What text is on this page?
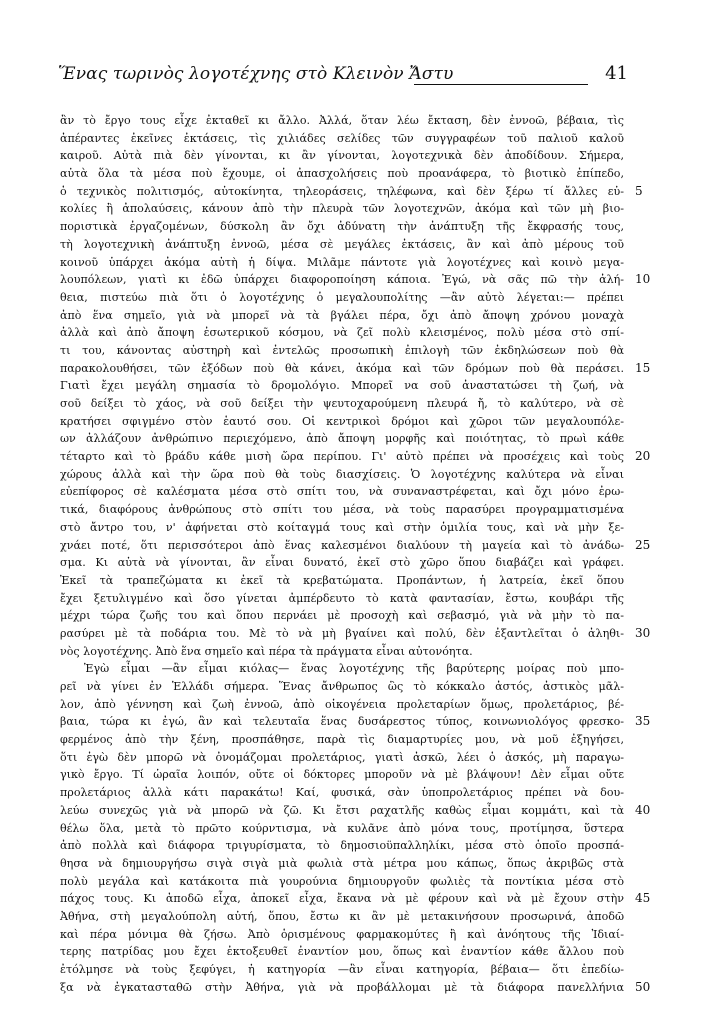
Ἕνας τωρινὸς λογοτέχνης στὸ Κλεινὸν Ἄστυ	41
ἂν τὸ ἔργο τους εἶχε ἐκταθεῖ κι ἄλλο. Ἀλλά, ὅταν λέω ἔκταση, δὲν ἐννοῶ, βέβαια, τὶς
ἀπέραντες ἐκεῖνες ἐκτάσεις, τὶς χιλιάδες σελίδες τῶν συγγραφέων τοῦ παλιοῦ καλοῦ
καιροῦ. Αὐτὰ πιὰ δὲν γίνονται, κι ἂν γίνονται, λογοτεχνικὰ δὲν ἀποδίδουν. Σήμερα,
αὐτὰ ὅλα τὰ μέσα ποὺ ἔχουμε, οἱ ἀπασχολήσεις ποὺ προανάφερα, τὸ βιοτικὸ ἐπίπεδο,
ὁ τεχνικὸς πολιτισμός, αὐτοκίνητα, τηλεοράσεις, τηλέφωνα, καὶ δὲν ξέρω τί ἄλλες εὐ- 5
κολίες ἢ ἀπολαύσεις, κάνουν ἀπὸ τὴν πλευρὰ τῶν λογοτεχνῶν, ἀκόμα καὶ τῶν μὴ βιο-
ποριστικὰ ἐργαζομένων, δύσκολη ἂν ὄχι ἀδύνατη τὴν ἀνάπτυξη τῆς ἔκφρασής τους,
τὴ λογοτεχνικὴ ἀνάπτυξη ἐννοῶ, μέσα σὲ μεγάλες ἐκτάσεις, ἂν καὶ ἀπὸ μέρους τοῦ
κοινοῦ ὑπάρχει ἀκόμα αὐτὴ ἡ δίψα. Μιλᾶμε πάντοτε γιὰ λογοτέχνες καὶ κοινὸ μεγα-
λουπόλεων, γιατὶ κι ἐδῶ ὑπάρχει διαφοροποίηση κάποια. Ἐγώ, νὰ σᾶς πῶ τὴν ἀλή- 10
θεια, πιστεύω πιὰ ὅτι ὁ λογοτέχνης ὁ μεγαλουπολίτης —ἂν αὐτὸ λέγεται:— πρέπει
ἀπὸ ἕνα σημεῖο, γιὰ νὰ μπορεῖ νὰ τὰ βγάλει πέρα, ὄχι ἀπὸ ἄποψη χρόνου μοναχὰ
ἀλλὰ καὶ ἀπὸ ἄποψη ἐσωτερικοῦ κόσμου, νὰ ζεῖ πολὺ κλεισμένος, πολὺ μέσα στὸ σπί-
τι του, κάνοντας αὐστηρὴ καὶ ἐντελῶς προσωπικὴ ἐπιλογὴ τῶν ἐκδηλώσεων ποὺ θὰ
παρακολουθήσει, τῶν ἐξόδων ποὺ θὰ κάνει, ἀκόμα καὶ τῶν δρόμων ποὺ θὰ περάσει. 15
Γιατὶ ἔχει μεγάλη σημασία τὸ δρομολόγιο. Μπορεῖ να σοῦ ἀναστατώσει τὴ ζωή, νὰ
σοῦ δείξει τὸ χάος, νὰ σοῦ δείξει τὴν ψευτοχαρούμενη πλευρά ἤ, τὸ καλύτερο, νὰ σὲ
κρατήσει σφιγμένο στὸν ἑαυτό σου. Οἱ κεντρικοὶ δρόμοι καὶ χῶροι τῶν μεγαλουπόλε-
ων ἀλλάζουν ἀνθρώπινο περιεχόμενο, ἀπὸ ἄποψη μορφῆς καὶ ποιότητας, τὸ πρωὶ κάθε
τέταρτο καὶ τὸ βράδυ κάθε μισὴ ὥρα περίπου. Γι' αὐτὸ πρέπει νὰ προσέχεις καὶ τοὺς 20
χώρους ἀλλὰ καὶ τὴν ὥρα ποὺ θὰ τοὺς διασχίσεις. Ὁ λογοτέχνης καλύτερα νὰ εἶναι
εὐεπίφορος σὲ καλέσματα μέσα στὸ σπίτι του, νὰ συναναστρέφεται, καὶ ὄχι μόνο ἐρω-
τικά, διαφόρους ἀνθρώπους στὸ σπίτι του μέσα, νὰ τοὺς παρασύρει προγραμματισμένα
στὸ ἄντρο του, ν' ἀφήνεται στὸ κοίταγμά τους καὶ στὴν ὁμιλία τους, καὶ νὰ μὴν ξε-
χνάει ποτέ, ὅτι περισσότεροι ἀπὸ ἕνας καλεσμένοι διαλύουν τὴ μαγεία καὶ τὸ ἀνάδω- 25
σμα. Κι αὐτὰ νὰ γίνονται, ἂν εἶναι δυνατό, ἐκεῖ στὸ χῶρο ὅπου διαβάζει καὶ γράφει.
Ἐκεῖ τὰ τραπεζώματα κι ἐκεῖ τὰ κρεβατώματα. Προπάντων, ἡ λατρεία, ἐκεῖ ὅπου
ἔχει ξετυλιγμένο καὶ ὅσο γίνεται ἀμπέρδευτο τὸ κατὰ φαντασίαν, ἔστω, κουβάρι τῆς
μέχρι τώρα ζωῆς του καὶ ὅπου περνάει μὲ προσοχὴ καὶ σεβασμό, γιὰ νὰ μὴν τὸ πα-
ρασύρει μὲ τὰ ποδάρια του. Μὲ τὸ νὰ μὴ βγαίνει καὶ πολύ, δὲν ἐξαντλεῖται ὁ ἀληθι- 30
νὸς λογοτέχνης. Ἀπὸ ἕνα σημεῖο καὶ πέρα τὰ πράγματα εἶναι αὐτονόητα.
Ἐγὼ εἶμαι —ἂν εἶμαι κιόλας— ἕνας λογοτέχνης τῆς βαρύτερης μοίρας ποὺ μπο-
ρεῖ νὰ γίνει ἐν Ἑλλάδι σήμερα. Ἕνας ἄνθρωπος ὣς τὸ κόκκαλο ἀστός, ἀστικὸς μᾶλ-
λον, ἀπὸ γέννηση καὶ ζωὴ ἐννοῶ, ἀπὸ οἰκογένεια προλεταρίων ὅμως, προλετάριος, βέ-
βαια, τώρα κι ἐγώ, ἂν καὶ τελευταῖα ἕνας δυσάρεστος τύπος, κοινωνιολόγος φρεσκο- 35
φερμένος ἀπὸ τὴν ξένη, προσπάθησε, παρὰ τὶς διαμαρτυρίες μου, νὰ μοῦ ἐξηγήσει,
ὅτι ἐγὼ δὲν μπορῶ νὰ ὀνομάζομαι προλετάριος, γιατὶ ἀσκῶ, λέει ὁ ἀσκός, μὴ παραγω-
γικὸ ἔργο. Τί ὡραῖα λοιπόν, οὔτε οἱ δόκτορες μποροῦν νὰ μὲ βλάψουν! Δὲν εἶμαι οὔτε
προλετάριος ἀλλὰ κάτι παρακάτω! Καί, φυσικά, σὰν ὑποπρολετάριος πρέπει νὰ δου-
λεύω συνεχῶς γιὰ νὰ μπορῶ νὰ ζῶ. Κι ἔτσι ραχατλῆς καθὼς εἶμαι κομμάτι, καὶ τὰ 40
θέλω ὅλα, μετὰ τὸ πρῶτο κούρντισμα, νὰ κυλᾶνε ἀπὸ μόνα τους, προτίμησα, ὕστερα
ἀπὸ πολλὰ καὶ διάφορα τριγυρίσματα, τὸ δημοσιοϋπαλληλίκι, μέσα στὸ ὁποῖο προσπά-
θησα νὰ δημιουργήσω σιγὰ σιγὰ μιὰ φωλιὰ στὰ μέτρα μου κάπως, ὅπως ἀκριβῶς στὰ
πολὺ μεγάλα καὶ κατάκοιτα πιὰ γουρούνια δημιουργοῦν φωλιὲς τὰ ποντίκια μέσα στὸ
πάχος τους. Κι ἀποδῶ εἶχα, ἀποκεῖ εἶχα, ἔκανα νὰ μὲ φέρουν καὶ νὰ μὲ ἔχουν στὴν 45
Ἀθήνα, στὴ μεγαλούπολη αὐτή, ὅπου, ἔστω κι ἂν μὲ μετακινήσουν προσωρινά, ἀποδῶ
καὶ πέρα μόνιμα θὰ ζήσω. Ἀπὸ ὁρισμένους φαρμακομύτες ἢ καὶ ἀνόητους τῆς Ἰδιαί-
τερης πατρίδας μου ἔχει ἐκτοξευθεῖ ἐναντίον μου, ὅπως καὶ ἐναντίον κάθε ἄλλου ποὺ
ἐτόλμησε νὰ τοὺς ξεφύγει, ἡ κατηγορία —ἂν εἶναι κατηγορία, βέβαια— ὅτι ἐπεδίω-
ξα νὰ ἐγκατασταθῶ στὴν Ἀθήνα, γιὰ νὰ προβάλλομαι μὲ τὰ διάφορα πανελλήνια 50
